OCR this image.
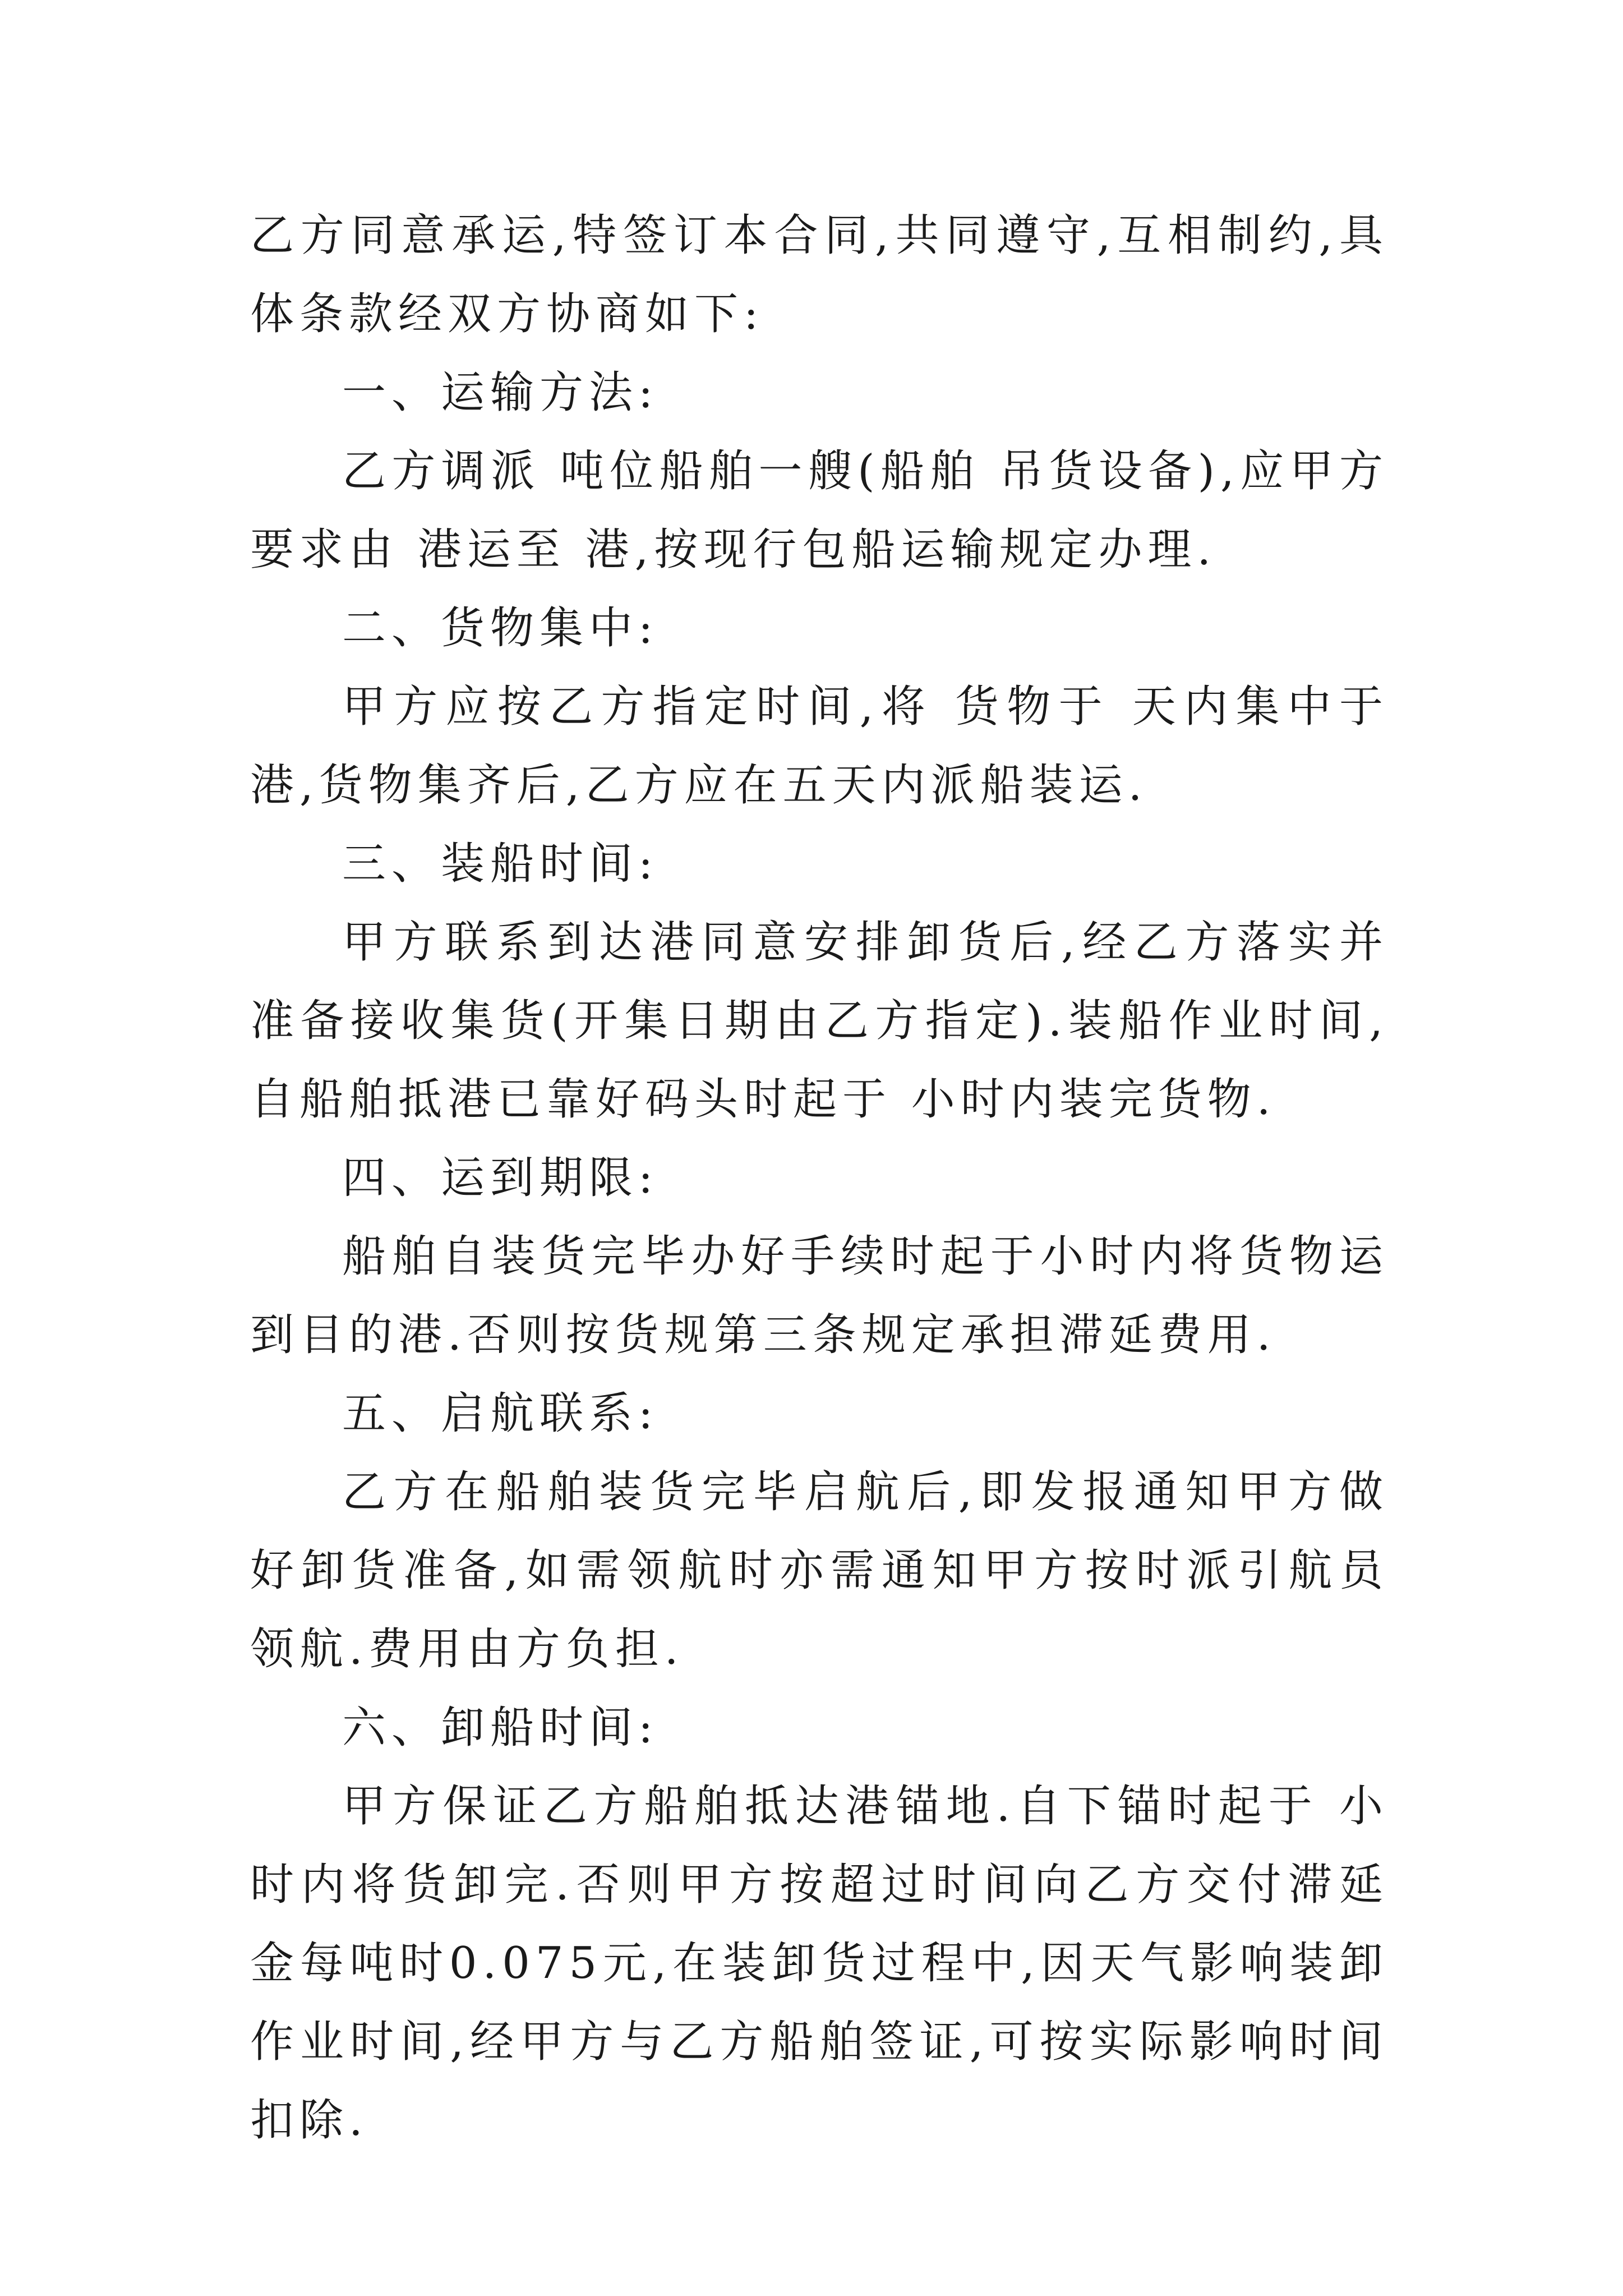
乙方同意承运,特签订本合同,共同遵守,互相制约,具体条款经双方协商如下:

一、运输方法:

乙方调派 吨位船舶一艘(船舶 吊货设备),应甲方要求由 港运至 港,按现行包船运输规定办理.

二、货物集中:

甲方应按乙方指定时间,将 货物于 天内集中于 港,货物集齐后,乙方应在五天内派船装运.

三、装船时间:

甲方联系到达港同意安排卸货后,经乙方落实并准备接收集货(开集日期由乙方指定).装船作业时间,自船舶抵港已靠好码头时起于 小时内装完货物.

四、运到期限:

船舶自装货完毕办好手续时起于小时内将货物运到目的港.否则按货规第三条规定承担滞延费用.

五、启航联系:

乙方在船舶装货完毕启航后,即发报通知甲方做好卸货准备,如需领航时亦需通知甲方按时派引航员领航.费用由方负担.

六、卸船时间:

甲方保证乙方船舶抵达港锚地.自下锚时起于 小时内将货卸完.否则甲方按超过时间向乙方交付滞延金每吨时0.075元,在装卸货过程中,因天气影响装卸作业时间,经甲方与乙方船舶签证,可按实际影响时间扣除.
